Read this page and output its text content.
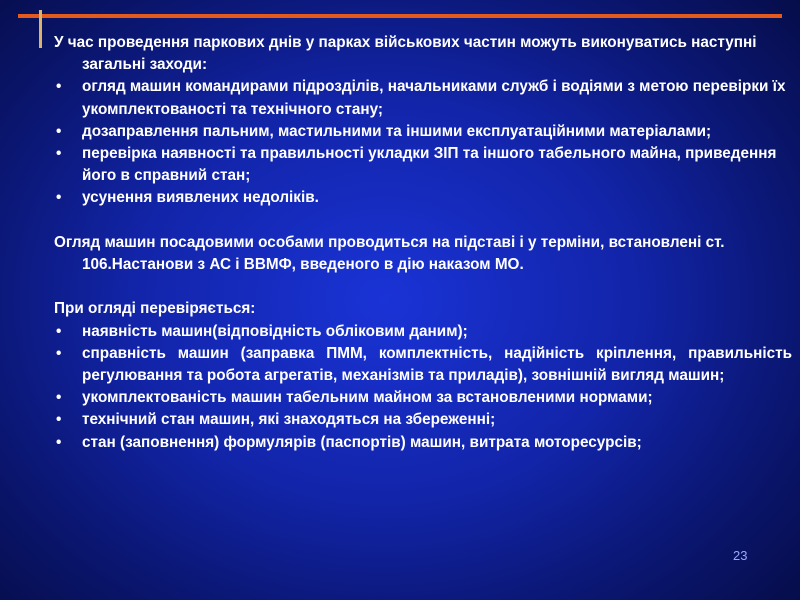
У час проведення паркових днів у парках військових частин можуть виконуватись наступні загальні заходи:

•	огляд машин командирами підрозділів, начальниками служб і водіями з метою перевірки їх укомплектованості та технічного стану;
•	дозаправлення пальним, мастильними та іншими експлуатаційними матеріалами;
•	перевірка наявності та правильності укладки ЗІП та іншого табельного майна, приведення його в справний стан;
•	усунення виявлених недоліків.

Огляд машин посадовими особами проводиться на підставі і у терміни, встановлені ст. 106.Настанови з АС і ВВМФ, введеного в дію наказом МО.

При огляді перевіряється:

•	наявність машин(відповідність обліковим даним);
•	справність машин (заправка ПММ, комплектність, надійність кріплення, правильність регулювання та робота агрегатів, механізмів та приладів), зовнішній вигляд машин;
•	укомплектованість машин табельним майном за встановленими нормами;
•	технічний стан машин, які знаходяться на збереженні;
•	стан (заповнення) формулярів (паспортів) машин, витрата моторесурсів;
23
